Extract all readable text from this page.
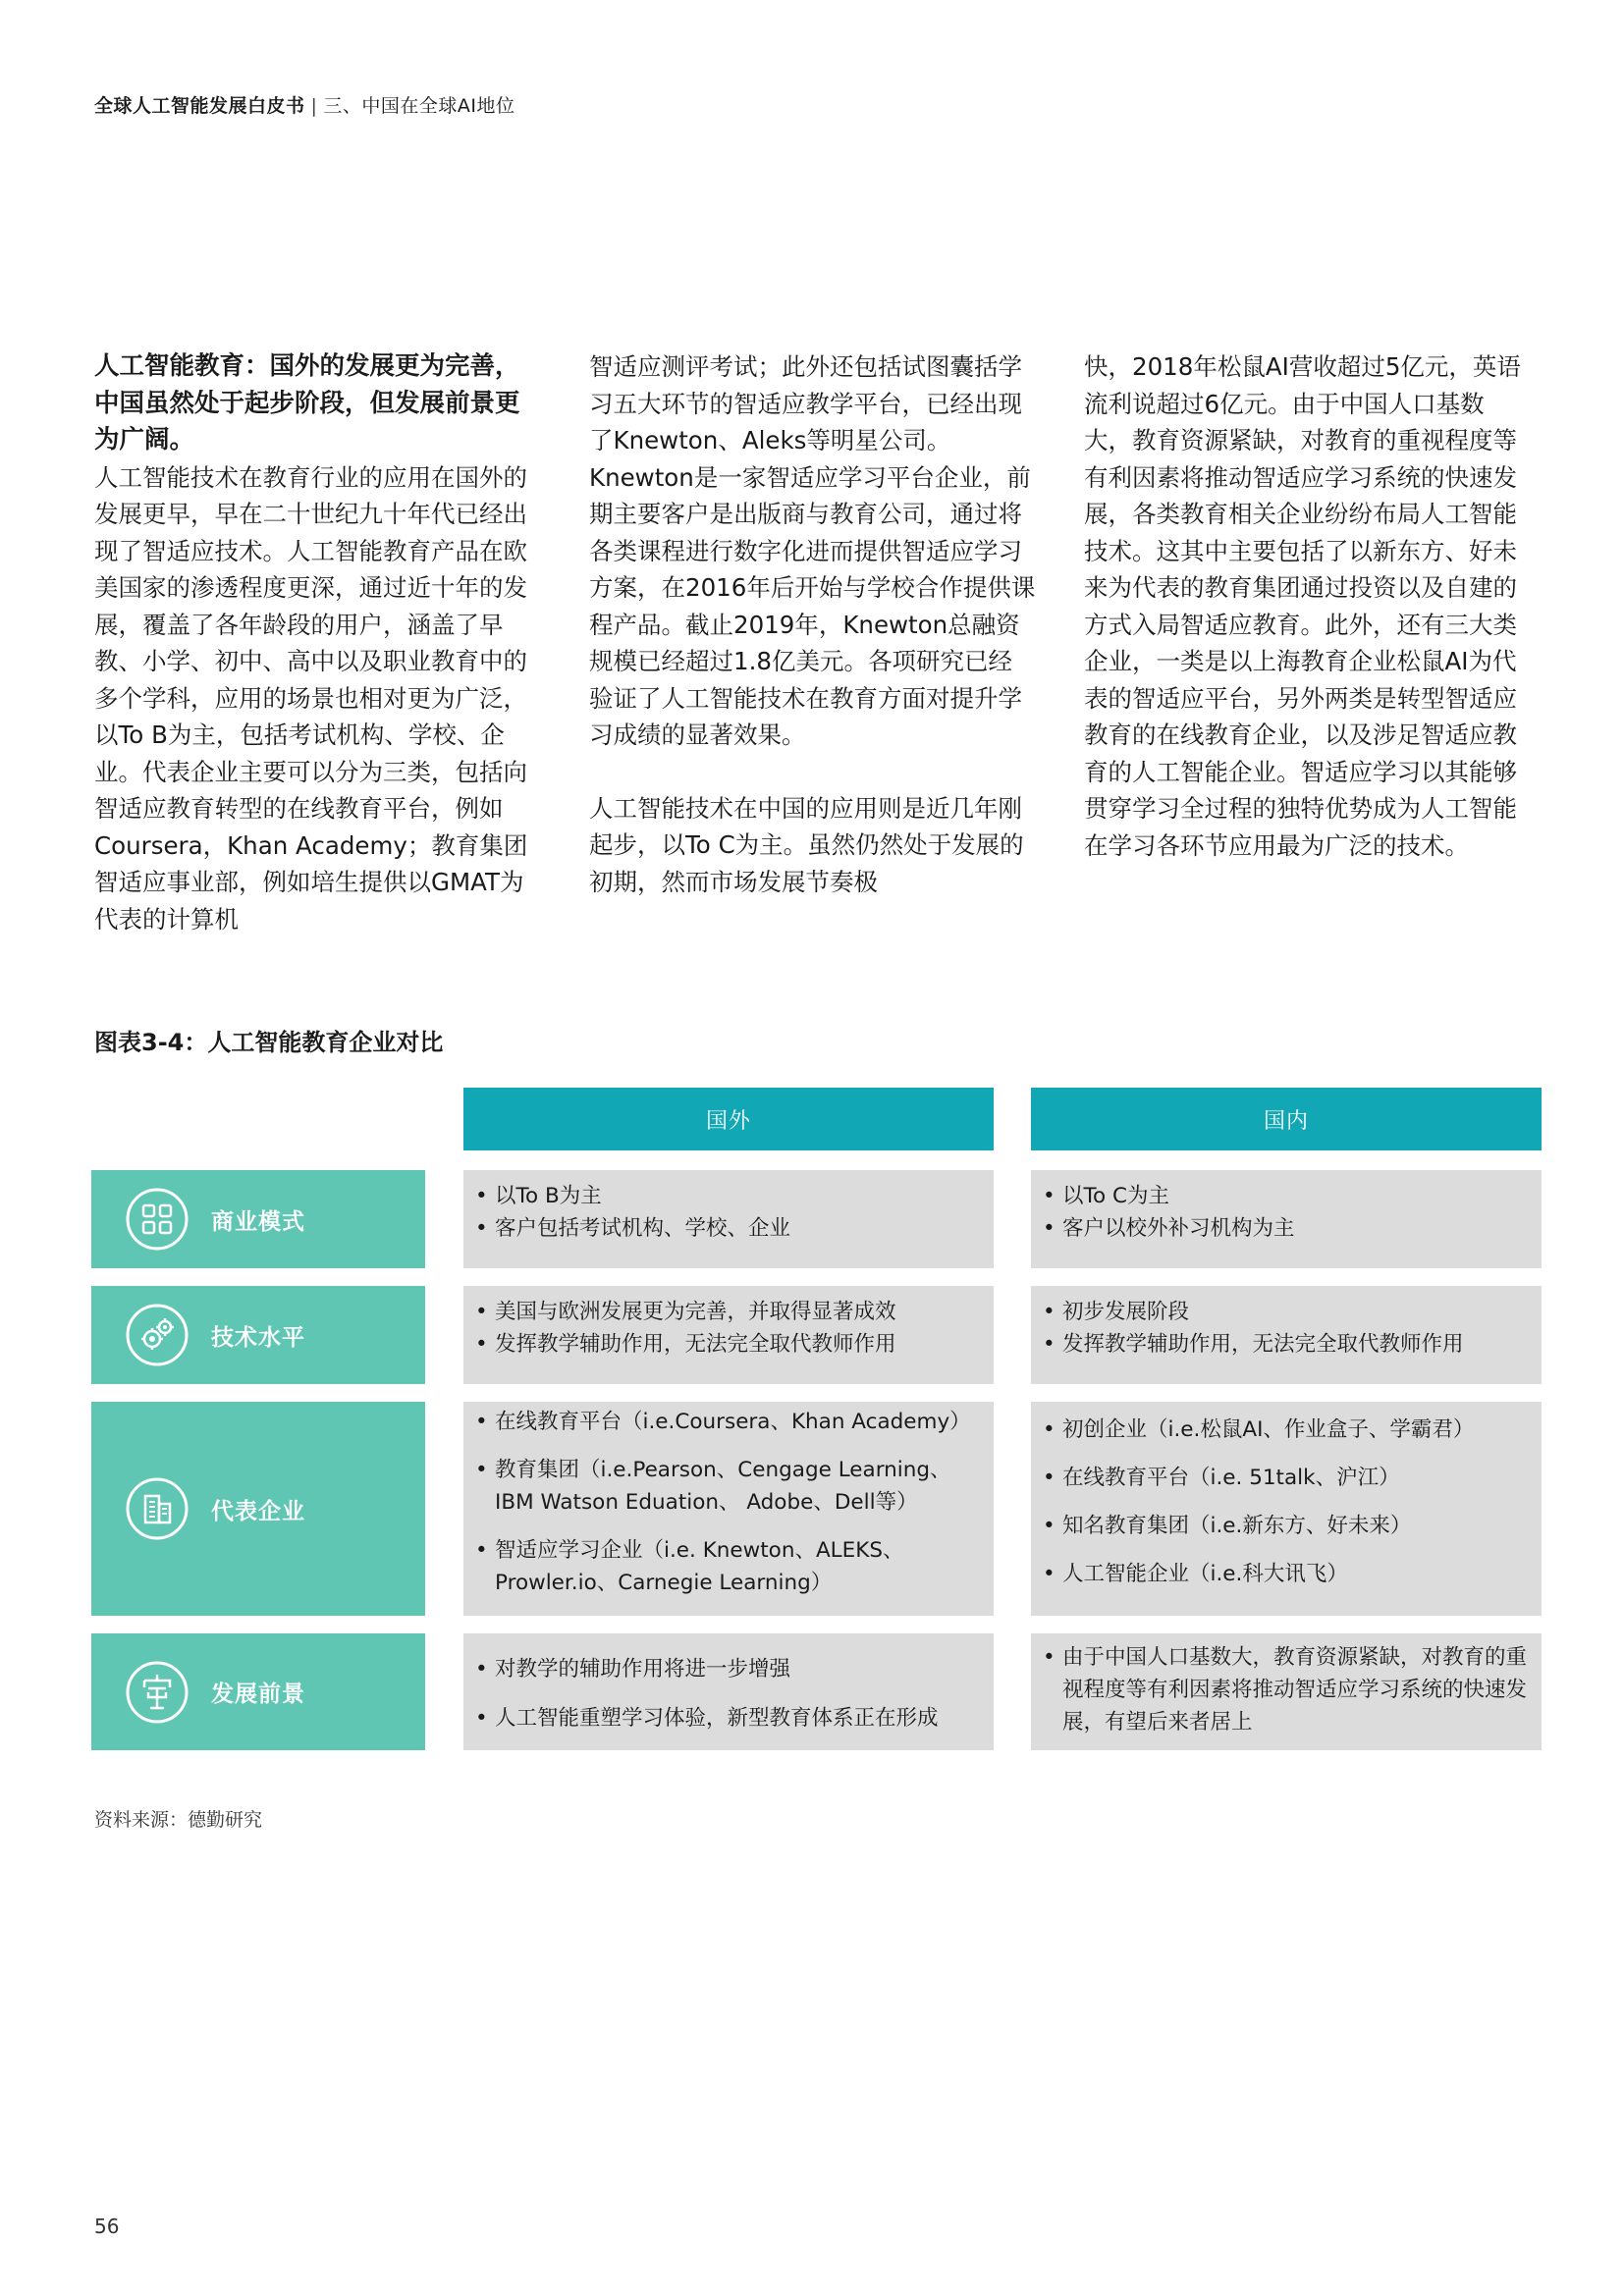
全球人工智能发展白皮书 | 三、中国在全球AI地位

人工智能教育：国外的发展更为完善，中国虽然处于起步阶段，但发展前景更为广阔。

人工智能技术在教育行业的应用在国外的发展更早，早在二十世纪九十年代已经出现了智适应技术。人工智能教育产品在欧美国家的渗透程度更深，通过近十年的发展，覆盖了各年龄段的用户，涵盖了早教、小学、初中、高中以及职业教育中的多个学科，应用的场景也相对更为广泛，以To B为主，包括考试机构、学校、企业。代表企业主要可以分为三类，包括向智适应教育转型的在线教育平台，例如Coursera，Khan Academy；教育集团智适应事业部，例如培生提供以GMAT为代表的计算机

智适应测评考试；此外还包括试图囊括学习五大环节的智适应教学平台，已经出现了Knewton、Aleks等明星公司。Knewton是一家智适应学习平台企业，前期主要客户是出版商与教育公司，通过将各类课程进行数字化进而提供智适应学习方案，在2016年后开始与学校合作提供课程产品。截止2019年，Knewton总融资规模已经超过1.8亿美元。各项研究已经验证了人工智能技术在教育方面对提升学习成绩的显著效果。

人工智能技术在中国的应用则是近几年刚起步，以To C为主。虽然仍然处于发展的初期，然而市场发展节奏极

快，2018年松鼠AI营收超过5亿元，英语流利说超过6亿元。由于中国人口基数大，教育资源紧缺，对教育的重视程度等有利因素将推动智适应学习系统的快速发展，各类教育相关企业纷纷布局人工智能技术。这其中主要包括了以新东方、好未来为代表的教育集团通过投资以及自建的方式入局智适应教育。此外，还有三大类企业，一类是以上海教育企业松鼠AI为代表的智适应平台，另外两类是转型智适应教育的在线教育企业，以及涉足智适应教育的人工智能企业。智适应学习以其能够贯穿学习全过程的独特优势成为人工智能在学习各环节应用最为广泛的技术。

图表3-4：人工智能教育企业对比
国外	国内
商业模式
• 以To B为主
• 客户包括考试机构、学校、企业
• 以To C为主
• 客户以校外补习机构为主
技术水平
• 美国与欧洲发展更为完善，并取得显著成效
• 发挥教学辅助作用，无法完全取代教师作用
• 初步发展阶段
• 发挥教学辅助作用，无法完全取代教师作用
代表企业
• 在线教育平台（i.e.Coursera、Khan Academy）
• 教育集团（i.e.Pearson、Cengage Learning、IBM Watson Eduation、 Adobe、Dell等）
• 智适应学习企业（i.e. Knewton、ALEKS、Prowler.io、Carnegie Learning）
• 初创企业（i.e.松鼠AI、作业盒子、学霸君）
• 在线教育平台（i.e. 51talk、沪江）
• 知名教育集团（i.e.新东方、好未来）
• 人工智能企业（i.e.科大讯飞）
发展前景
• 对教学的辅助作用将进一步增强
• 人工智能重塑学习体验，新型教育体系正在形成
• 由于中国人口基数大，教育资源紧缺，对教育的重视程度等有利因素将推动智适应学习系统的快速发展，有望后来者居上
资料来源：德勤研究
56
